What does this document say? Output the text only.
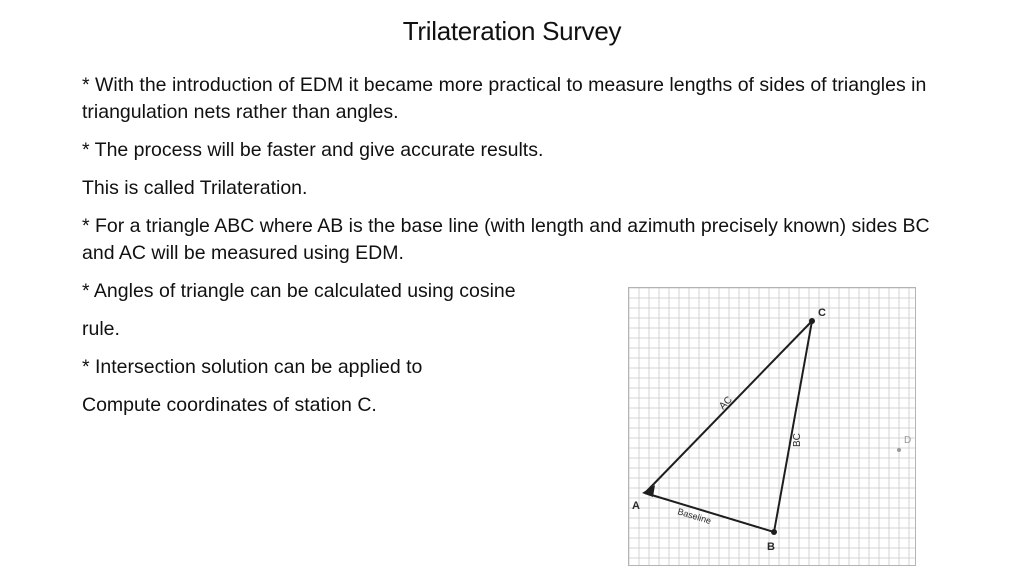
Trilateration Survey

* With the introduction of EDM it became more practical to measure lengths of sides of triangles in triangulation nets rather than angles.

* The process will be faster and give accurate results.

This is called Trilateration.

* For a triangle ABC where AB is the base line (with length and azimuth precisely known) sides BC and AC will be measured using EDM.

* Angles of triangle can be calculated using cosine

rule.

* Intersection solution can be applied to

Compute coordinates of station C.

A
B
C
D
AC
BC
Baseline
